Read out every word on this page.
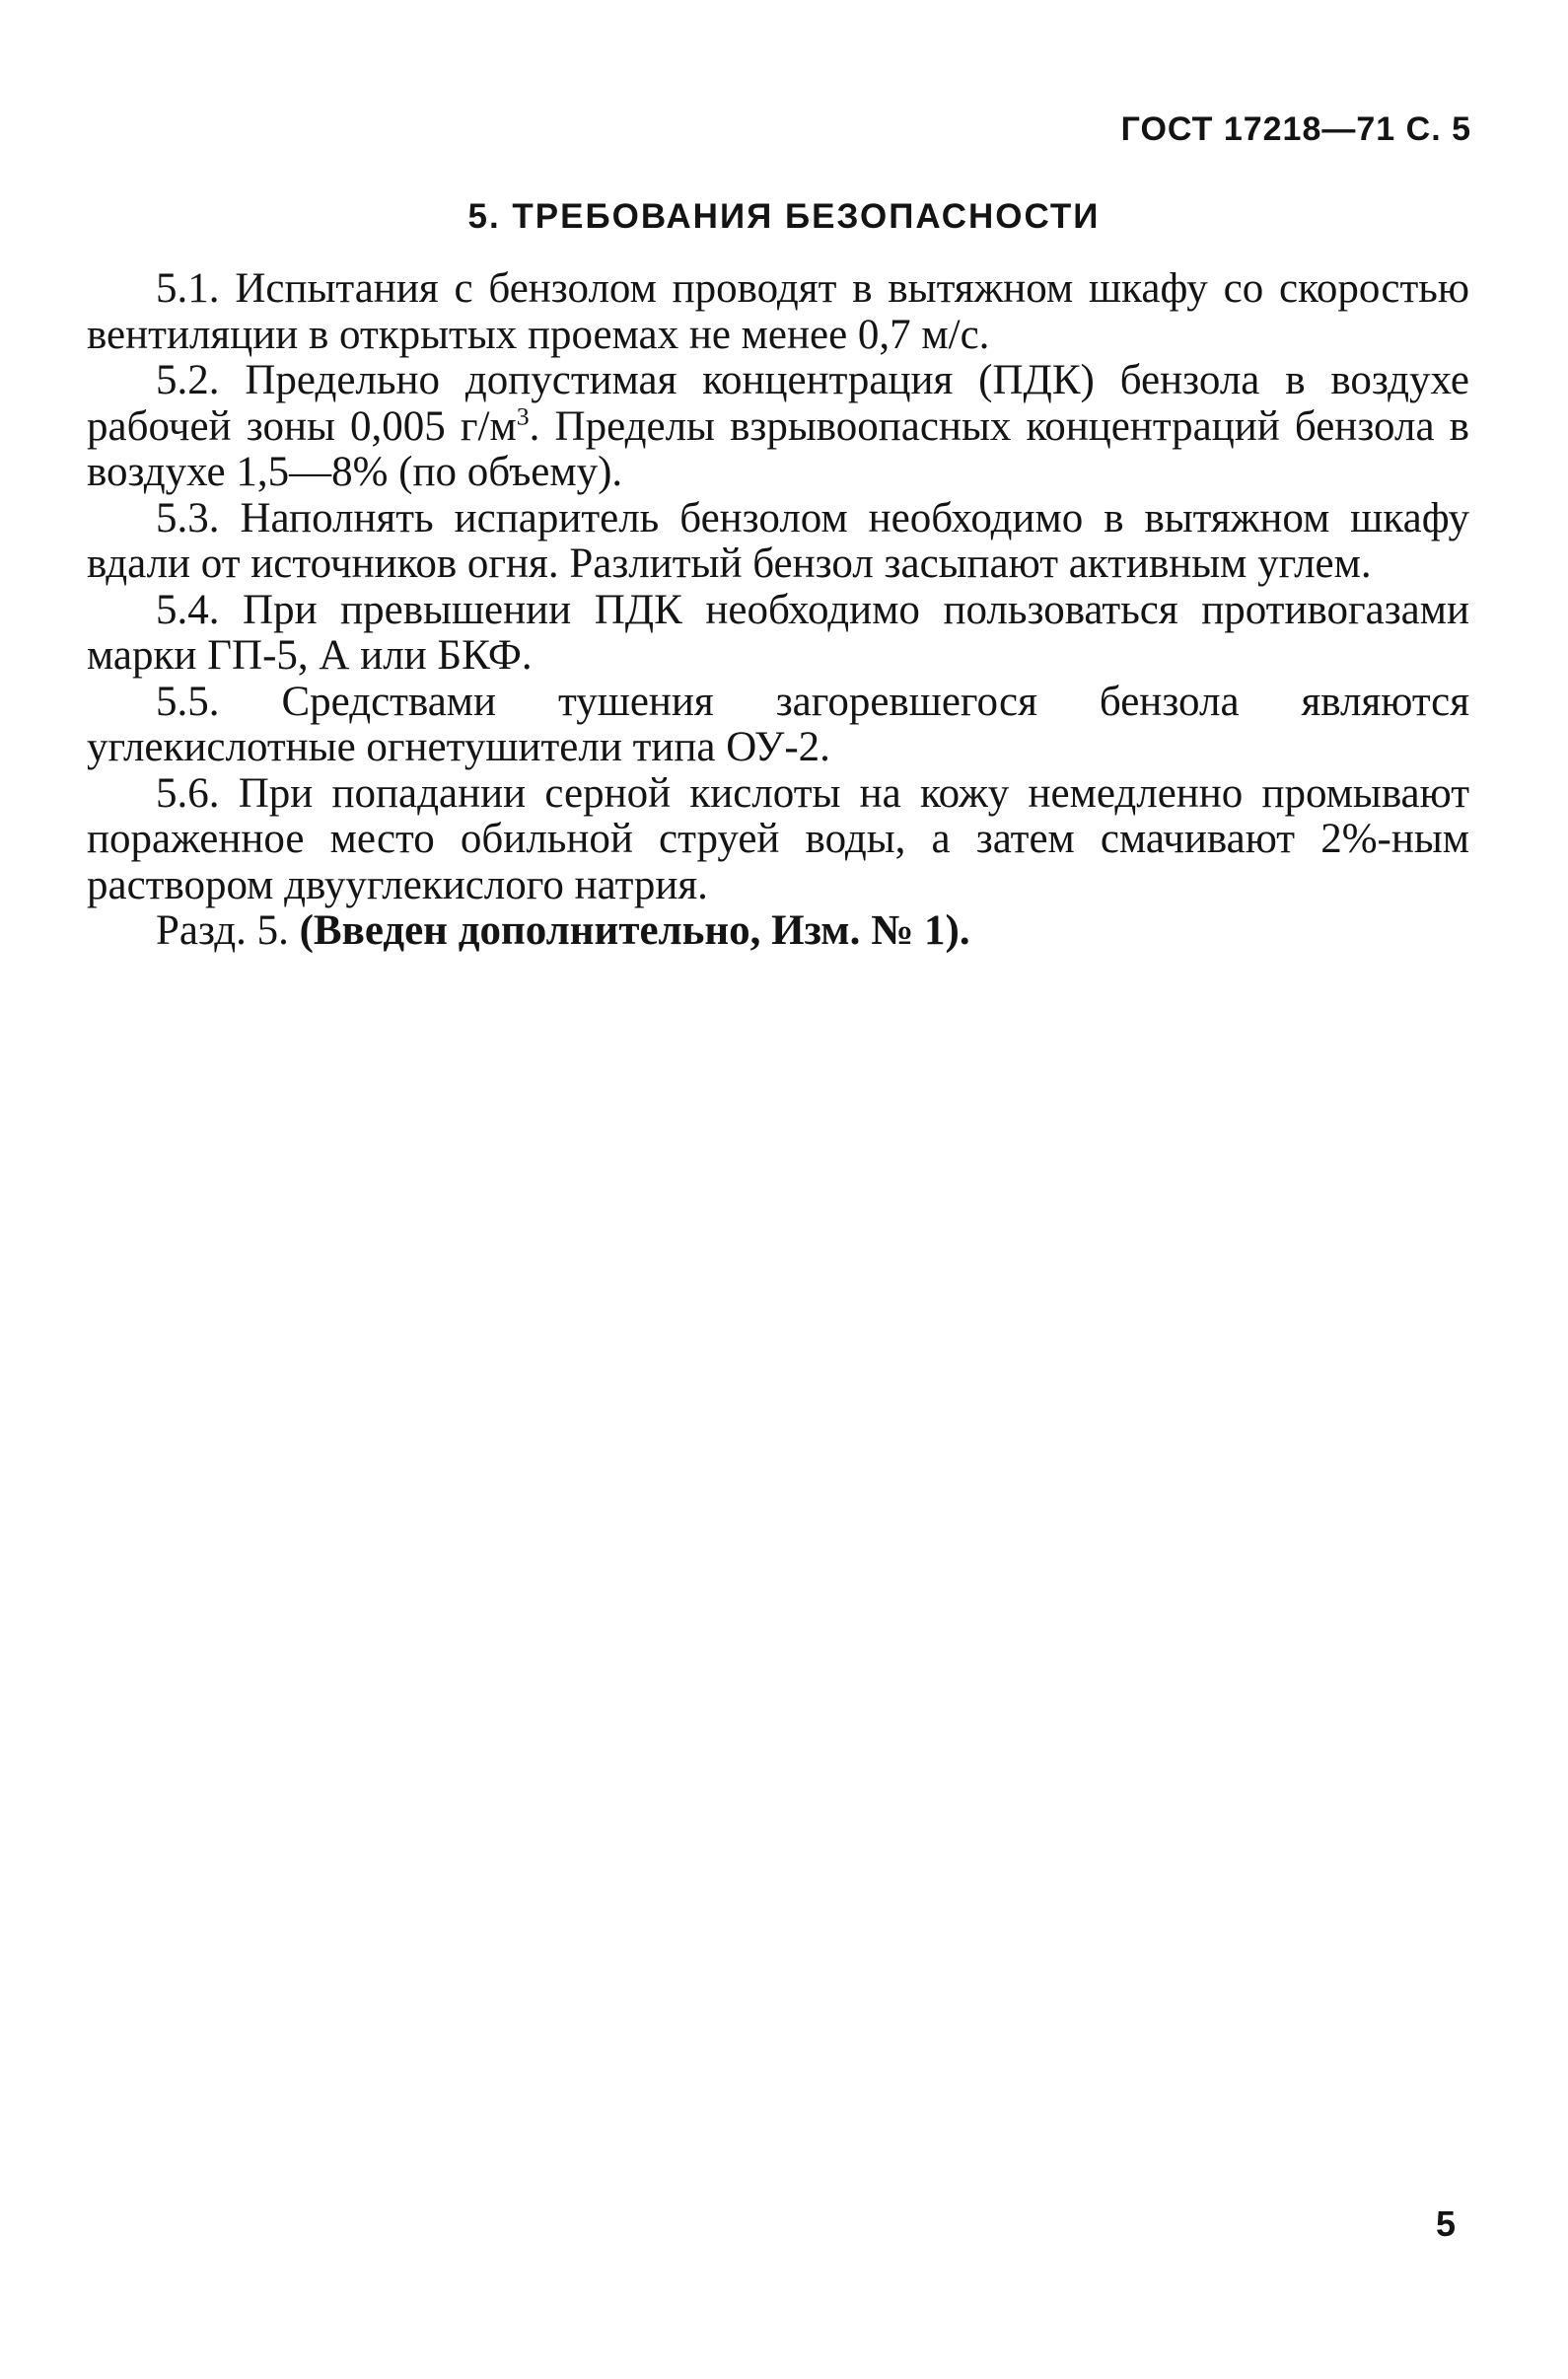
ГОСТ 17218—71 С. 5
5. ТРЕБОВАНИЯ БЕЗОПАСНОСТИ

5.1. Испытания с бензолом проводят в вытяжном шкафу со скоростью вентиляции в открытых проемах не менее 0,7 м/с.

5.2. Предельно допустимая концентрация (ПДК) бензола в воздухе рабочей зоны 0,005 $г/м^3$. Пределы взрывоопасных концентраций бензола в воздухе 1,5—8% (по объему).

5.3. Наполнять испаритель бензолом необходимо в вытяжном шкафу вдали от источников огня. Разлитый бензол засыпают активным углем.

5.4. При превышении ПДК необходимо пользоваться противогазами марки ГП-5, А или БКФ.

5.5. Средствами тушения загоревшегося бензола являются углекислотные огнетушители типа ОУ-2.

5.6. При попадании серной кислоты на кожу немедленно промывают пораженное место обильной струей воды, а затем смачивают 2%-ным раствором двууглекислого натрия.

Разд. 5. (Введен дополнительно, Изм. № 1).

5
